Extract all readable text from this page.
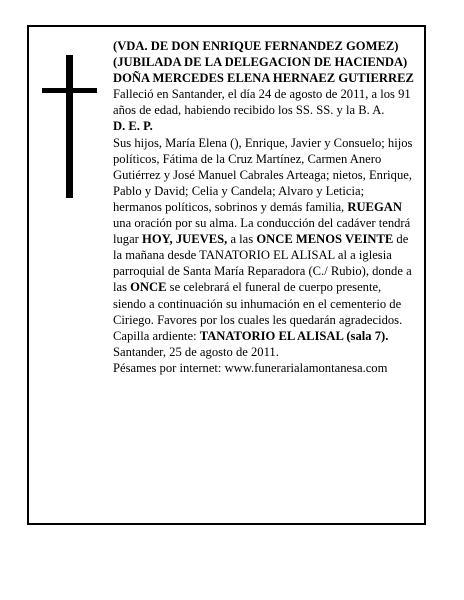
(VDA. DE DON ENRIQUE FERNANDEZ GOMEZ) (JUBILADA DE LA DELEGACION DE HACIENDA)

DOÑA MERCEDES ELENA HERNAEZ GUTIERREZ

Falleció en Santander, el día 24 de agosto de 2011, a los 91 años de edad, habiendo recibido los SS. SS. y la B. A.

D. E. P.

Sus hijos, María Elena (), Enrique, Javier y Consuelo; hijos políticos, Fátima de la Cruz Martínez, Carmen Anero Gutiérrez y José Manuel Cabrales Arteaga; nietos, Enrique, Pablo y David; Celia y Candela; Alvaro y Leticia; hermanos políticos, sobrinos y demás familia, RUEGAN una oración por su alma. La conducción del cadáver tendrá lugar HOY, JUEVES, a las ONCE MENOS VEINTE de la mañana desde TANATORIO EL ALISAL al a iglesia parroquial de Santa María Reparadora (C./ Rubio), donde a las ONCE se celebrará el funeral de cuerpo presente, siendo a continuación su inhumación en el cementerio de Ciriego. Favores por los cuales les quedarán agradecidos. Capilla ardiente: TANATORIO EL ALISAL (sala 7).

Santander, 25 de agosto de 2011.

Pésames por internet: www.funerarialamontanesa.com
